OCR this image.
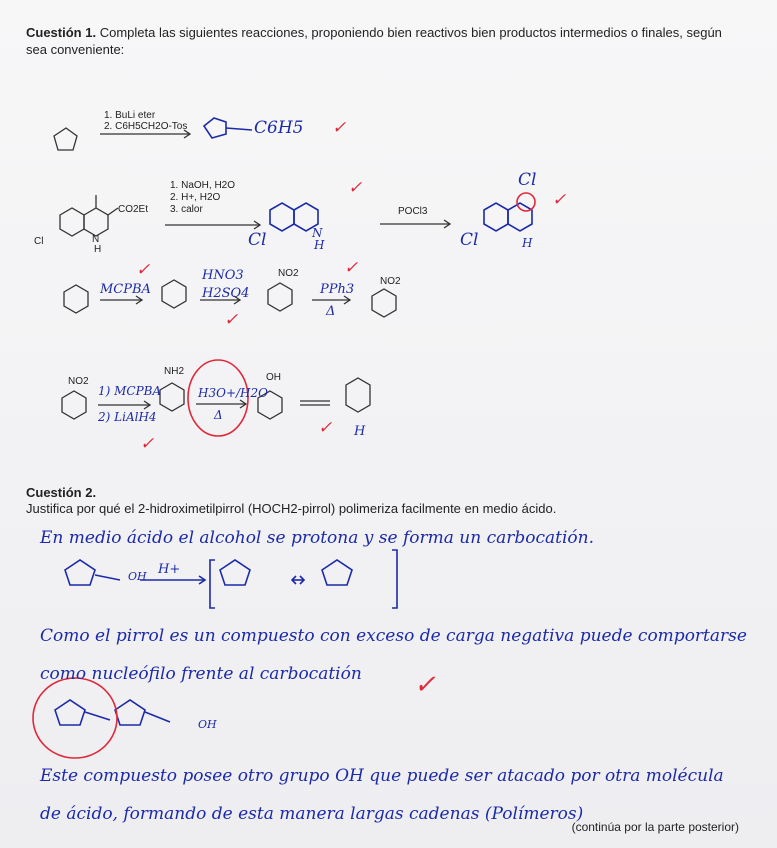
Cuestión 1. Completa las siguientes reacciones, proponiendo bien reactivos bien productos intermedios o finales, según sea conveniente:
1. BuLi eter
2. C6H5CH2O-Tos	C6H5 ✓
CO2Et
Cl	N
H
1. NaOH, H2O
2. H+, H2O
3. calor	POCl3
Cl	N
H
✓
Cl
Cl
H
✓
MCPBA
✓	HNO3
H2SO4
✓
NO2
PPh3
Δ
✓
NO2
NO2
1) MCPBA
2) LiAlH4
✓
NH2
H3O+/H2O
Δ
OH
✓ H
Cuestión 2.
Justifica por qué el 2-hidroximetilpirrol (HOCH2-pirrol) polimeriza facilmente en medio ácido.
En medio ácido el alcohol se protona y se forma un carbocatión.
OH H+
Como el pirrol es un compuesto con exceso de carga negativa puede comportarse
como nucleófilo frente al carbocatión ✓
OH
Este compuesto posee otro grupo OH que puede ser atacado por otra molécula
de ácido, formando de esta manera largas cadenas (Polímeros)
(continúa por la parte posterior)
